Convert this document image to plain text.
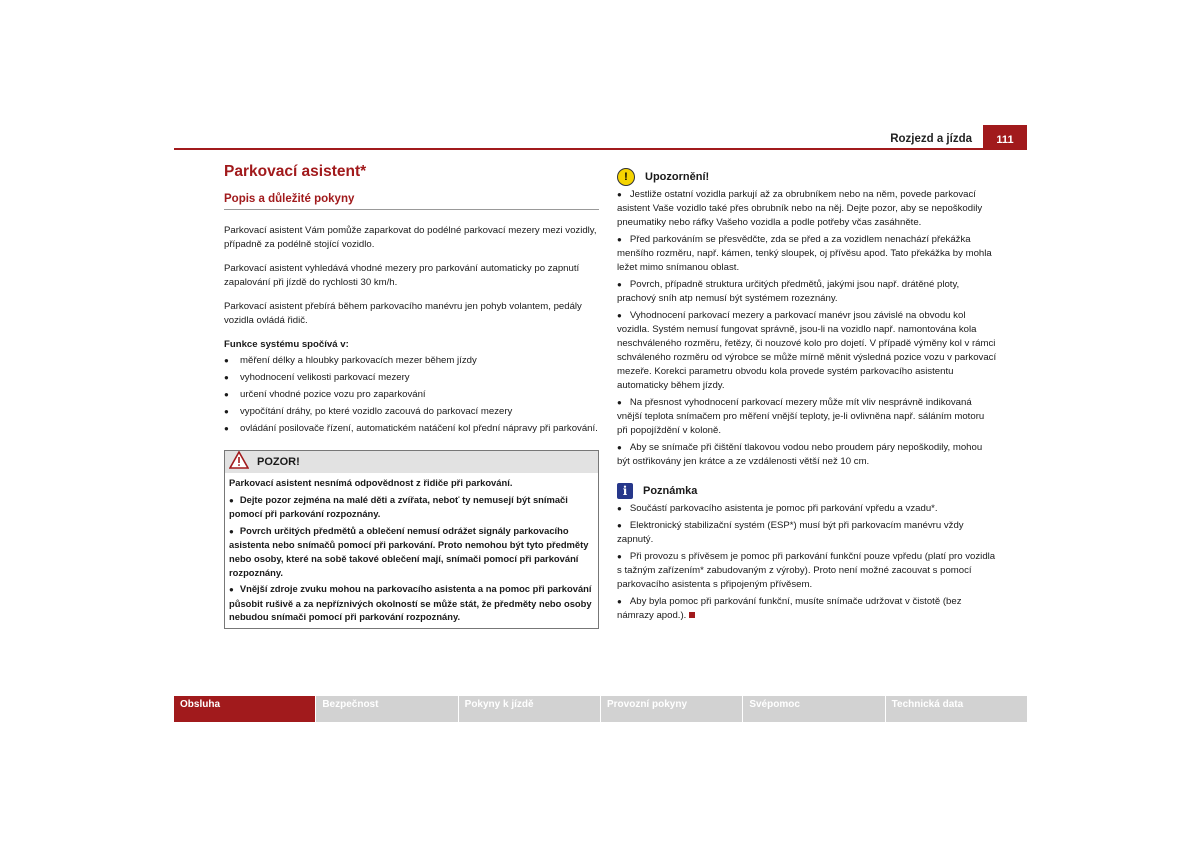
Rozjezd a jízda	111
Parkovací asistent*
Popis a důležité pokyny

Parkovací asistent Vám pomůže zaparkovat do podélné parkovací mezery mezi vozidly, případně za podélně stojící vozidlo.

Parkovací asistent vyhledává vhodné mezery pro parkování automaticky po zapnutí zapalování při jízdě do rychlosti 30 km/h.

Parkovací asistent přebírá během parkovacího manévru jen pohyb volantem, pedály vozidla ovládá řidič.

Funkce systému spočívá v:

● měření délky a hloubky parkovacích mezer během jízdy
● vyhodnocení velikosti parkovací mezery
● určení vhodné pozice vozu pro zaparkování
● vypočítání dráhy, po které vozidlo zacouvá do parkovací mezery
● ovládání posilovače řízení, automatickém natáčení kol přední nápravy při parkování.
POZOR!
Parkovací asistent nesnímá odpovědnost z řidiče při parkování.
● Dejte pozor zejména na malé děti a zvířata, neboť ty nemusejí být snímači pomocí při parkování rozpoznány.
● Povrch určitých předmětů a oblečení nemusí odrážet signály parkovacího asistenta nebo snímačů pomocí při parkování. Proto nemohou být tyto předměty nebo osoby, které na sobě takové oblečení mají, snímači pomocí při parkování rozpoznány.
● Vnější zdroje zvuku mohou na parkovacího asistenta a na pomoc při parkování působit rušivě a za nepříznivých okolností se může stát, že předměty nebo osoby nebudou snímači pomocí při parkování rozpoznány.
!	Upozornění!
● Jestliže ostatní vozidla parkují až za obrubníkem nebo na něm, povede parkovací asistent Vaše vozidlo také přes obrubník nebo na něj. Dejte pozor, aby se nepoškodily pneumatiky nebo ráfky Vašeho vozidla a podle potřeby včas zasáhněte.
● Před parkováním se přesvědčte, zda se před a za vozidlem nenachází překážka menšího rozměru, např. kámen, tenký sloupek, oj přívěsu apod. Tato překážka by mohla ležet mimo snímanou oblast.
● Povrch, případně struktura určitých předmětů, jakými jsou např. drátěné ploty, prachový sníh atp nemusí být systémem rozeznány.
● Vyhodnocení parkovací mezery a parkovací manévr jsou závislé na obvodu kol vozidla. Systém nemusí fungovat správně, jsou-li na vozidlo např. namontována kola neschváleného rozměru, řetězy, či nouzové kolo pro dojetí. V případě výměny kol v rámci schváleného rozměru od výrobce se může mírně měnit výsledná pozice vozu v parkovací mezeře. Korekci parametru obvodu kola provede systém parkovacího asistentu automaticky během jízdy.
● Na přesnost vyhodnocení parkovací mezery může mít vliv nesprávně indikovaná vnější teplota snímačem pro měření vnější teploty, je-li ovlivněna např. sáláním motoru při popojíždění v koloně.
● Aby se snímače při čištění tlakovou vodou nebo proudem páry nepoškodily, mohou být ostřikovány jen krátce a ze vzdálenosti větší než 10 cm.
i	Poznámka
● Součástí parkovacího asistenta je pomoc při parkování vpředu a vzadu*.
● Elektronický stabilizační systém (ESP*) musí být při parkovacím manévru vždy zapnutý.
● Při provozu s přívěsem je pomoc při parkování funkční pouze vpředu (platí pro vozidla s tažným zařízením* zabudovaným z výroby). Proto není možné zacouvat s pomocí parkovacího asistenta s připojeným přívěsem.
● Aby byla pomoc při parkování funkční, musíte snímače udržovat v čistotě (bez námrazy apod.).
Obsluha	Bezpečnost	Pokyny k jízdě	Provozní pokyny	Svépomoc	Technická data
